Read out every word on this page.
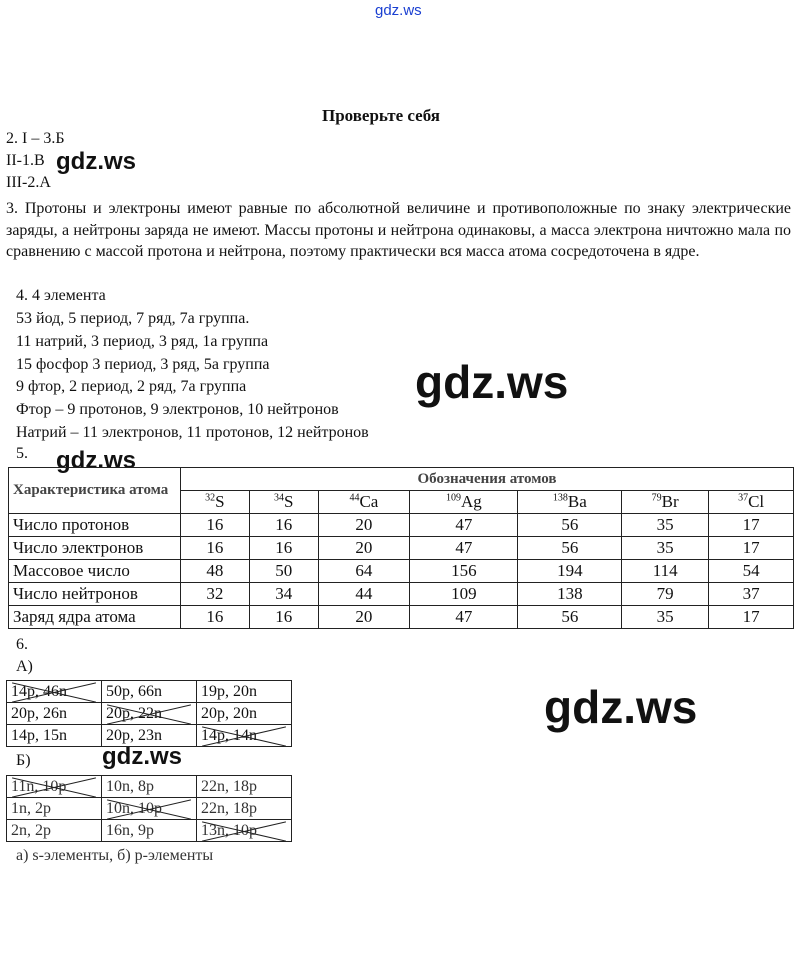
gdz.ws
gdz.ws
gdz.ws
gdz.ws
gdz.ws
gdz.ws
Проверьте себя
2. I – 3.Б
II-1.В
III-2.А
3. Протоны и электроны имеют равные по абсолютной величине и противоположные по знаку электрические заряды, а нейтроны заряда не имеют. Массы протоны и нейтрона одинаковы, а масса электрона ничтожно мала по сравнению с массой протона и нейтрона, поэтому практически вся масса атома сосредоточена в ядре.
4. 4 элемента
53 йод, 5 период, 7 ряд, 7а группа.
11 натрий, 3 период, 3 ряд, 1а группа
15 фосфор 3 период, 3 ряд, 5а группа
9 фтор, 2 период, 2 ряд, 7а группа
Фтор – 9 протонов, 9 электронов, 10 нейтронов
Натрий – 11 электронов, 11 протонов, 12 нейтронов
5.
Характеристика атома	Обозначения атомов						
	$^{32}$S	$^{34}$S	$^{44}$Ca	$^{109}$Ag	$^{138}$Ba	$^{79}$Br	$^{37}$Cl
Число протонов	16	16	20	47	56	35	17
Число электронов	16	16	20	47	56	35	17
Массовое число	48	50	64	156	194	114	54
Число нейтронов	32	34	44	109	138	79	37
Заряд ядра атома	16	16	20	47	56	35	17
6.
А)
14p, 46n	50p, 66n	19p, 20n
20p, 26n	20p, 22n	20p, 20n
14p, 15n	20p, 23n	14p, 14n
Б)
11n, 10p	10n, 8p	22n, 18p
1n, 2p	10n, 10p	22n, 18p
2n, 2p	16n, 9p	13n, 10p
а) s-элементы, б) p-элементы
